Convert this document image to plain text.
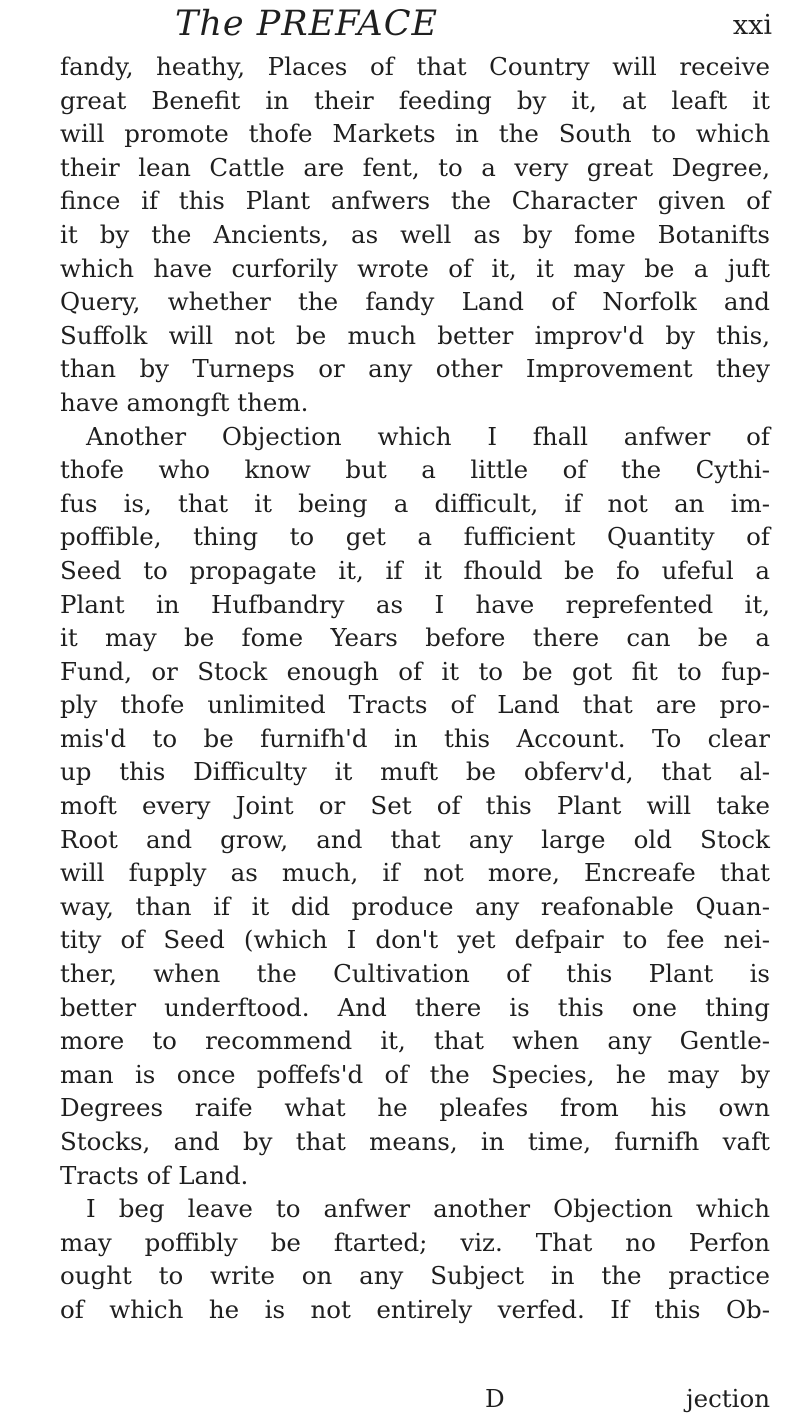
The PREFACE	xxi
fandy, heathy, Places of that Country will receive
great Benefit in their feeding by it, at leaft it
will promote thofe Markets in the South to which
their lean Cattle are fent, to a very great Degree,
fince if this Plant anfwers the Character given of
it by the Ancients, as well as by fome Botanifts
which have curforily wrote of it, it may be a juft
Query, whether the fandy Land of Norfolk and
Suffolk will not be much better improv'd by this,
than by Turneps or any other Improvement they
have amongft them.
Another Objection which I fhall anfwer of
thofe who know but a little of the Cythi-
fus is, that it being a difficult, if not an im-
poffible, thing to get a fufficient Quantity of
Seed to propagate it, if it fhould be fo ufeful a
Plant in Hufbandry as I have reprefented it,
it may be fome Years before there can be a
Fund, or Stock enough of it to be got fit to fup-
ply thofe unlimited Tracts of Land that are pro-
mis'd to be furnifh'd in this Account. To clear
up this Difficulty it muft be obferv'd, that al-
moft every Joint or Set of this Plant will take
Root and grow, and that any large old Stock
will fupply as much, if not more, Encreafe that
way, than if it did produce any reafonable Quan-
tity of Seed (which I don't yet defpair to fee nei-
ther, when the Cultivation of this Plant is
better underftood. And there is this one thing
more to recommend it, that when any Gentle-
man is once poffefs'd of the Species, he may by
Degrees raife what he pleafes from his own
Stocks, and by that means, in time, furnifh vaft
Tracts of Land.
I beg leave to anfwer another Objection which
may poffibly be ftarted; viz. That no Perfon
ought to write on any Subject in the practice
of which he is not entirely verfed. If this Ob-
D	jection
